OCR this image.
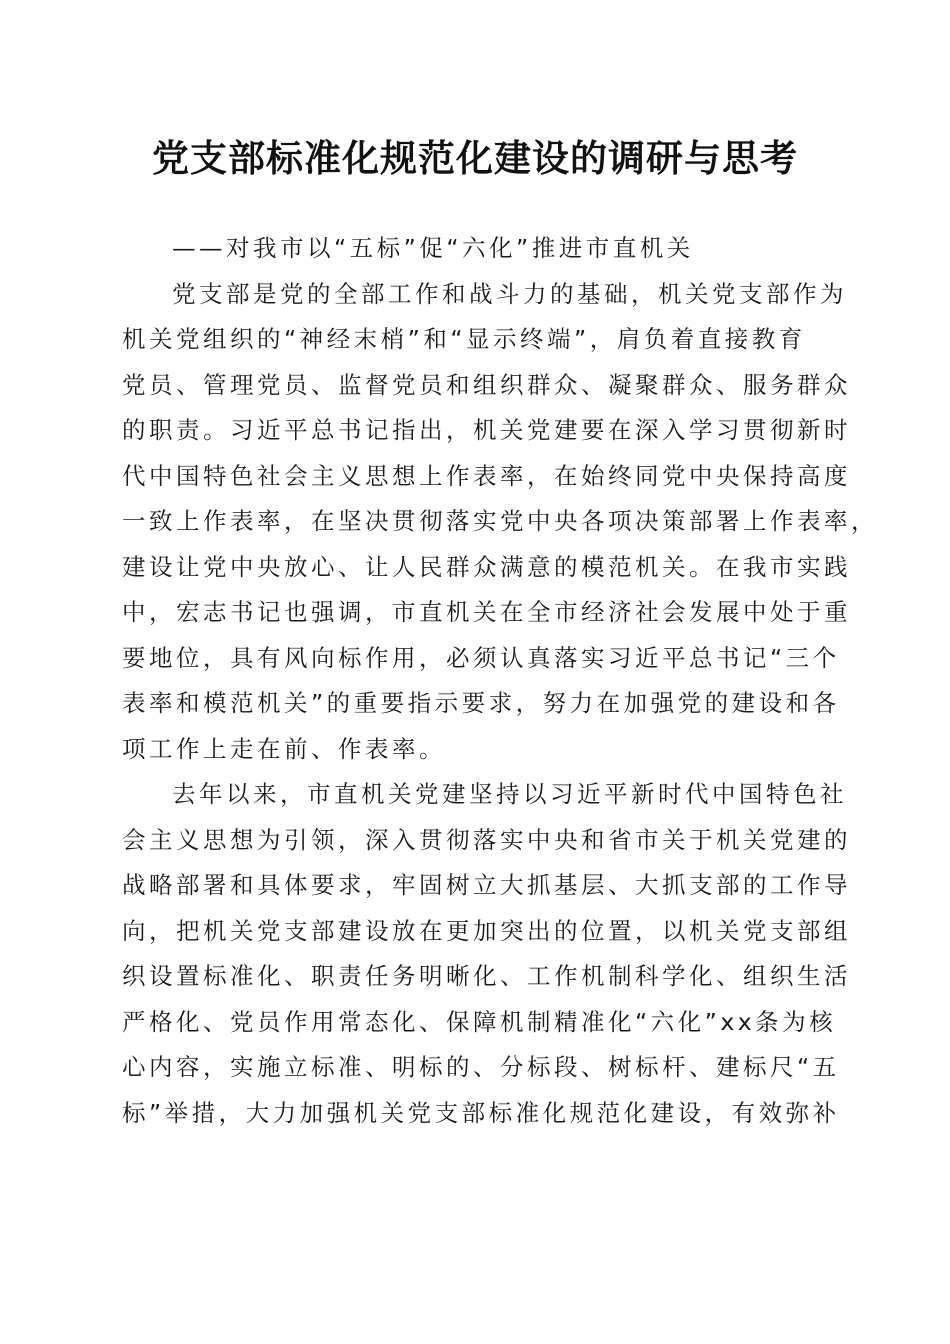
党支部标准化规范化建设的调研与思考
——对我市以“五标”促“六化”推进市直机关
党支部是党的全部工作和战斗力的基础，机关党支部作为
机关党组织的“神经末梢”和“显示终端”，肩负着直接教育
党员、管理党员、监督党员和组织群众、凝聚群众、服务群众
的职责。习近平总书记指出，机关党建要在深入学习贯彻新时
代中国特色社会主义思想上作表率，在始终同党中央保持高度
一致上作表率，在坚决贯彻落实党中央各项决策部署上作表率，
建设让党中央放心、让人民群众满意的模范机关。在我市实践
中，宏志书记也强调，市直机关在全市经济社会发展中处于重
要地位，具有风向标作用，必须认真落实习近平总书记“三个
表率和模范机关”的重要指示要求，努力在加强党的建设和各
项工作上走在前、作表率。
去年以来，市直机关党建坚持以习近平新时代中国特色社
会主义思想为引领，深入贯彻落实中央和省市关于机关党建的
战略部署和具体要求，牢固树立大抓基层、大抓支部的工作导
向，把机关党支部建设放在更加突出的位置，以机关党支部组
织设置标准化、职责任务明晰化、工作机制科学化、组织生活
严格化、党员作用常态化、保障机制精准化“六化”xx条为核
心内容，实施立标准、明标的、分标段、树标杆、建标尺“五
标”举措，大力加强机关党支部标准化规范化建设，有效弥补
